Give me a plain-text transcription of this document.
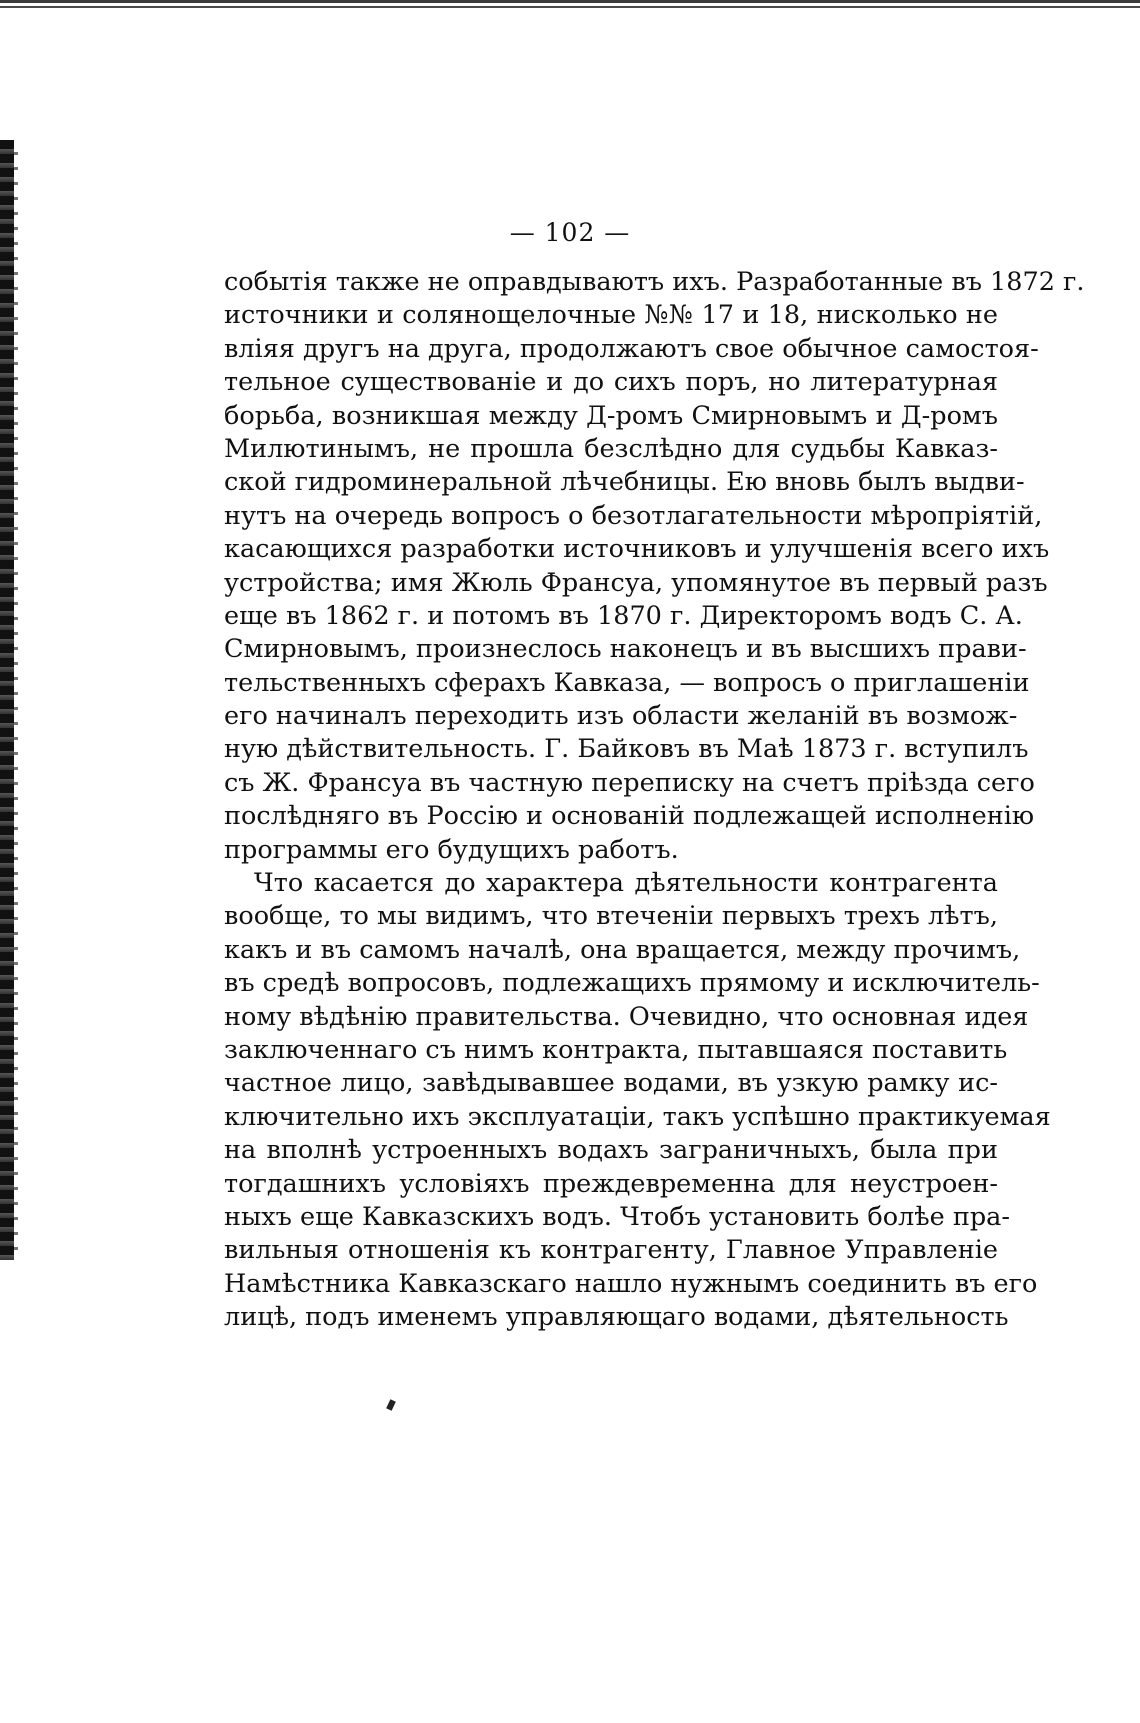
— 102 —
событія также не оправдываютъ ихъ. Разработанные въ 1872 г.
источники и солянощелочные №№ 17 и 18, нисколько не
вліяя другъ на друга, продолжаютъ свое обычное самостоя-
тельное существованіе и до сихъ поръ, но литературная
борьба, возникшая между Д-ромъ Смирновымъ и Д-ромъ
Милютинымъ, не прошла безслѣдно для судьбы Кавказ-
ской гидроминеральной лѣчебницы. Ею вновь былъ выдви-
нутъ на очередь вопросъ о безотлагательности мѣропріятій,
касающихся разработки источниковъ и улучшенія всего ихъ
устройства; имя Жюль Франсуа, упомянутое въ первый разъ
еще въ 1862 г. и потомъ въ 1870 г. Директоромъ водъ С. А.
Смирновымъ, произнеслось наконецъ и въ высшихъ прави-
тельственныхъ сферахъ Кавказа, — вопросъ о приглашеніи
его начиналъ переходить изъ области желаній въ возмож-
ную дѣйствительность. Г. Байковъ въ Маѣ 1873 г. вступилъ
съ Ж. Франсуа въ частную переписку на счетъ пріѣзда сего
послѣдняго въ Россію и основаній подлежащей исполненію
программы его будущихъ работъ.
Что касается до характера дѣятельности контрагента
вообще, то мы видимъ, что втеченіи первыхъ трехъ лѣтъ,
какъ и въ самомъ началѣ, она вращается, между прочимъ,
въ средѣ вопросовъ, подлежащихъ прямому и исключитель-
ному вѣдѣнію правительства. Очевидно, что основная идея
заключеннаго съ нимъ контракта, пытавшаяся поставить
частное лицо, завѣдывавшее водами, въ узкую рамку ис-
ключительно ихъ эксплуатаціи, такъ успѣшно практикуемая
на вполнѣ устроенныхъ водахъ заграничныхъ, была при
тогдашнихъ условіяхъ преждевременна для неустроен-
ныхъ еще Кавказскихъ водъ. Чтобъ установить болѣе пра-
вильныя отношенія къ контрагенту, Главное Управленіе
Намѣстника Кавказскаго нашло нужнымъ соединить въ его
лицѣ, подъ именемъ управляющаго водами, дѣятельность
